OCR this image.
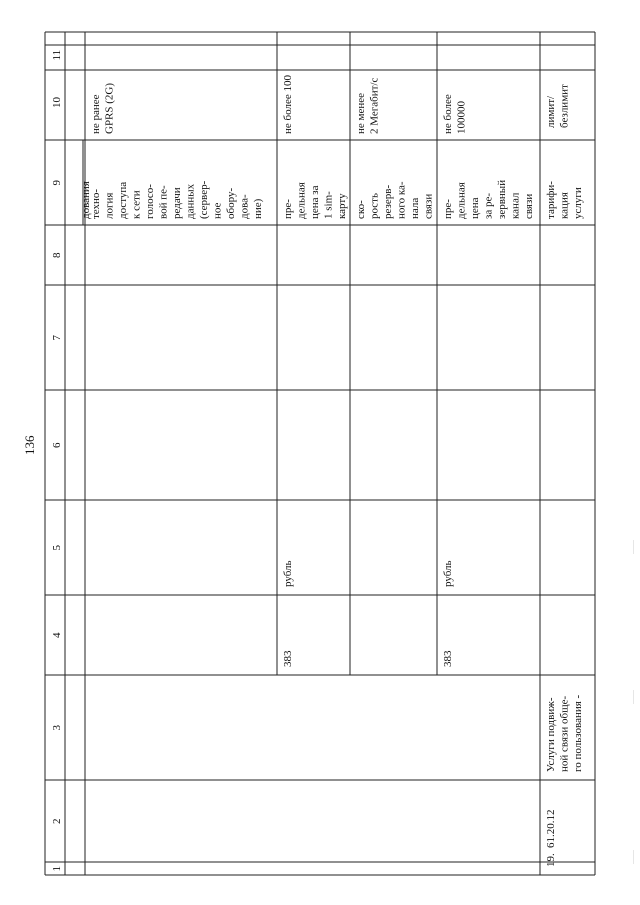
136
1
2
3
4
5
6
7
8
9
10
11
дования
техно- логия доступа к сети голосо- вой пе- редачи данных (сервер- ное обору- дова- ние)
не ранее GPRS (2G)
383
рубль
пре- дельная цена за 1 sim- карту
не более 100
ско- рость резерв- ного ка- нала связи
не менее 2 Мегабит/с
383
рубль
пре- дельная цена за ре- зервный канал связи
не более 100000
19.
61.20.12
Услуги подвиж- ной связи обще- го пользования -
тарифи- кация услуги
лимит/ безлимит
